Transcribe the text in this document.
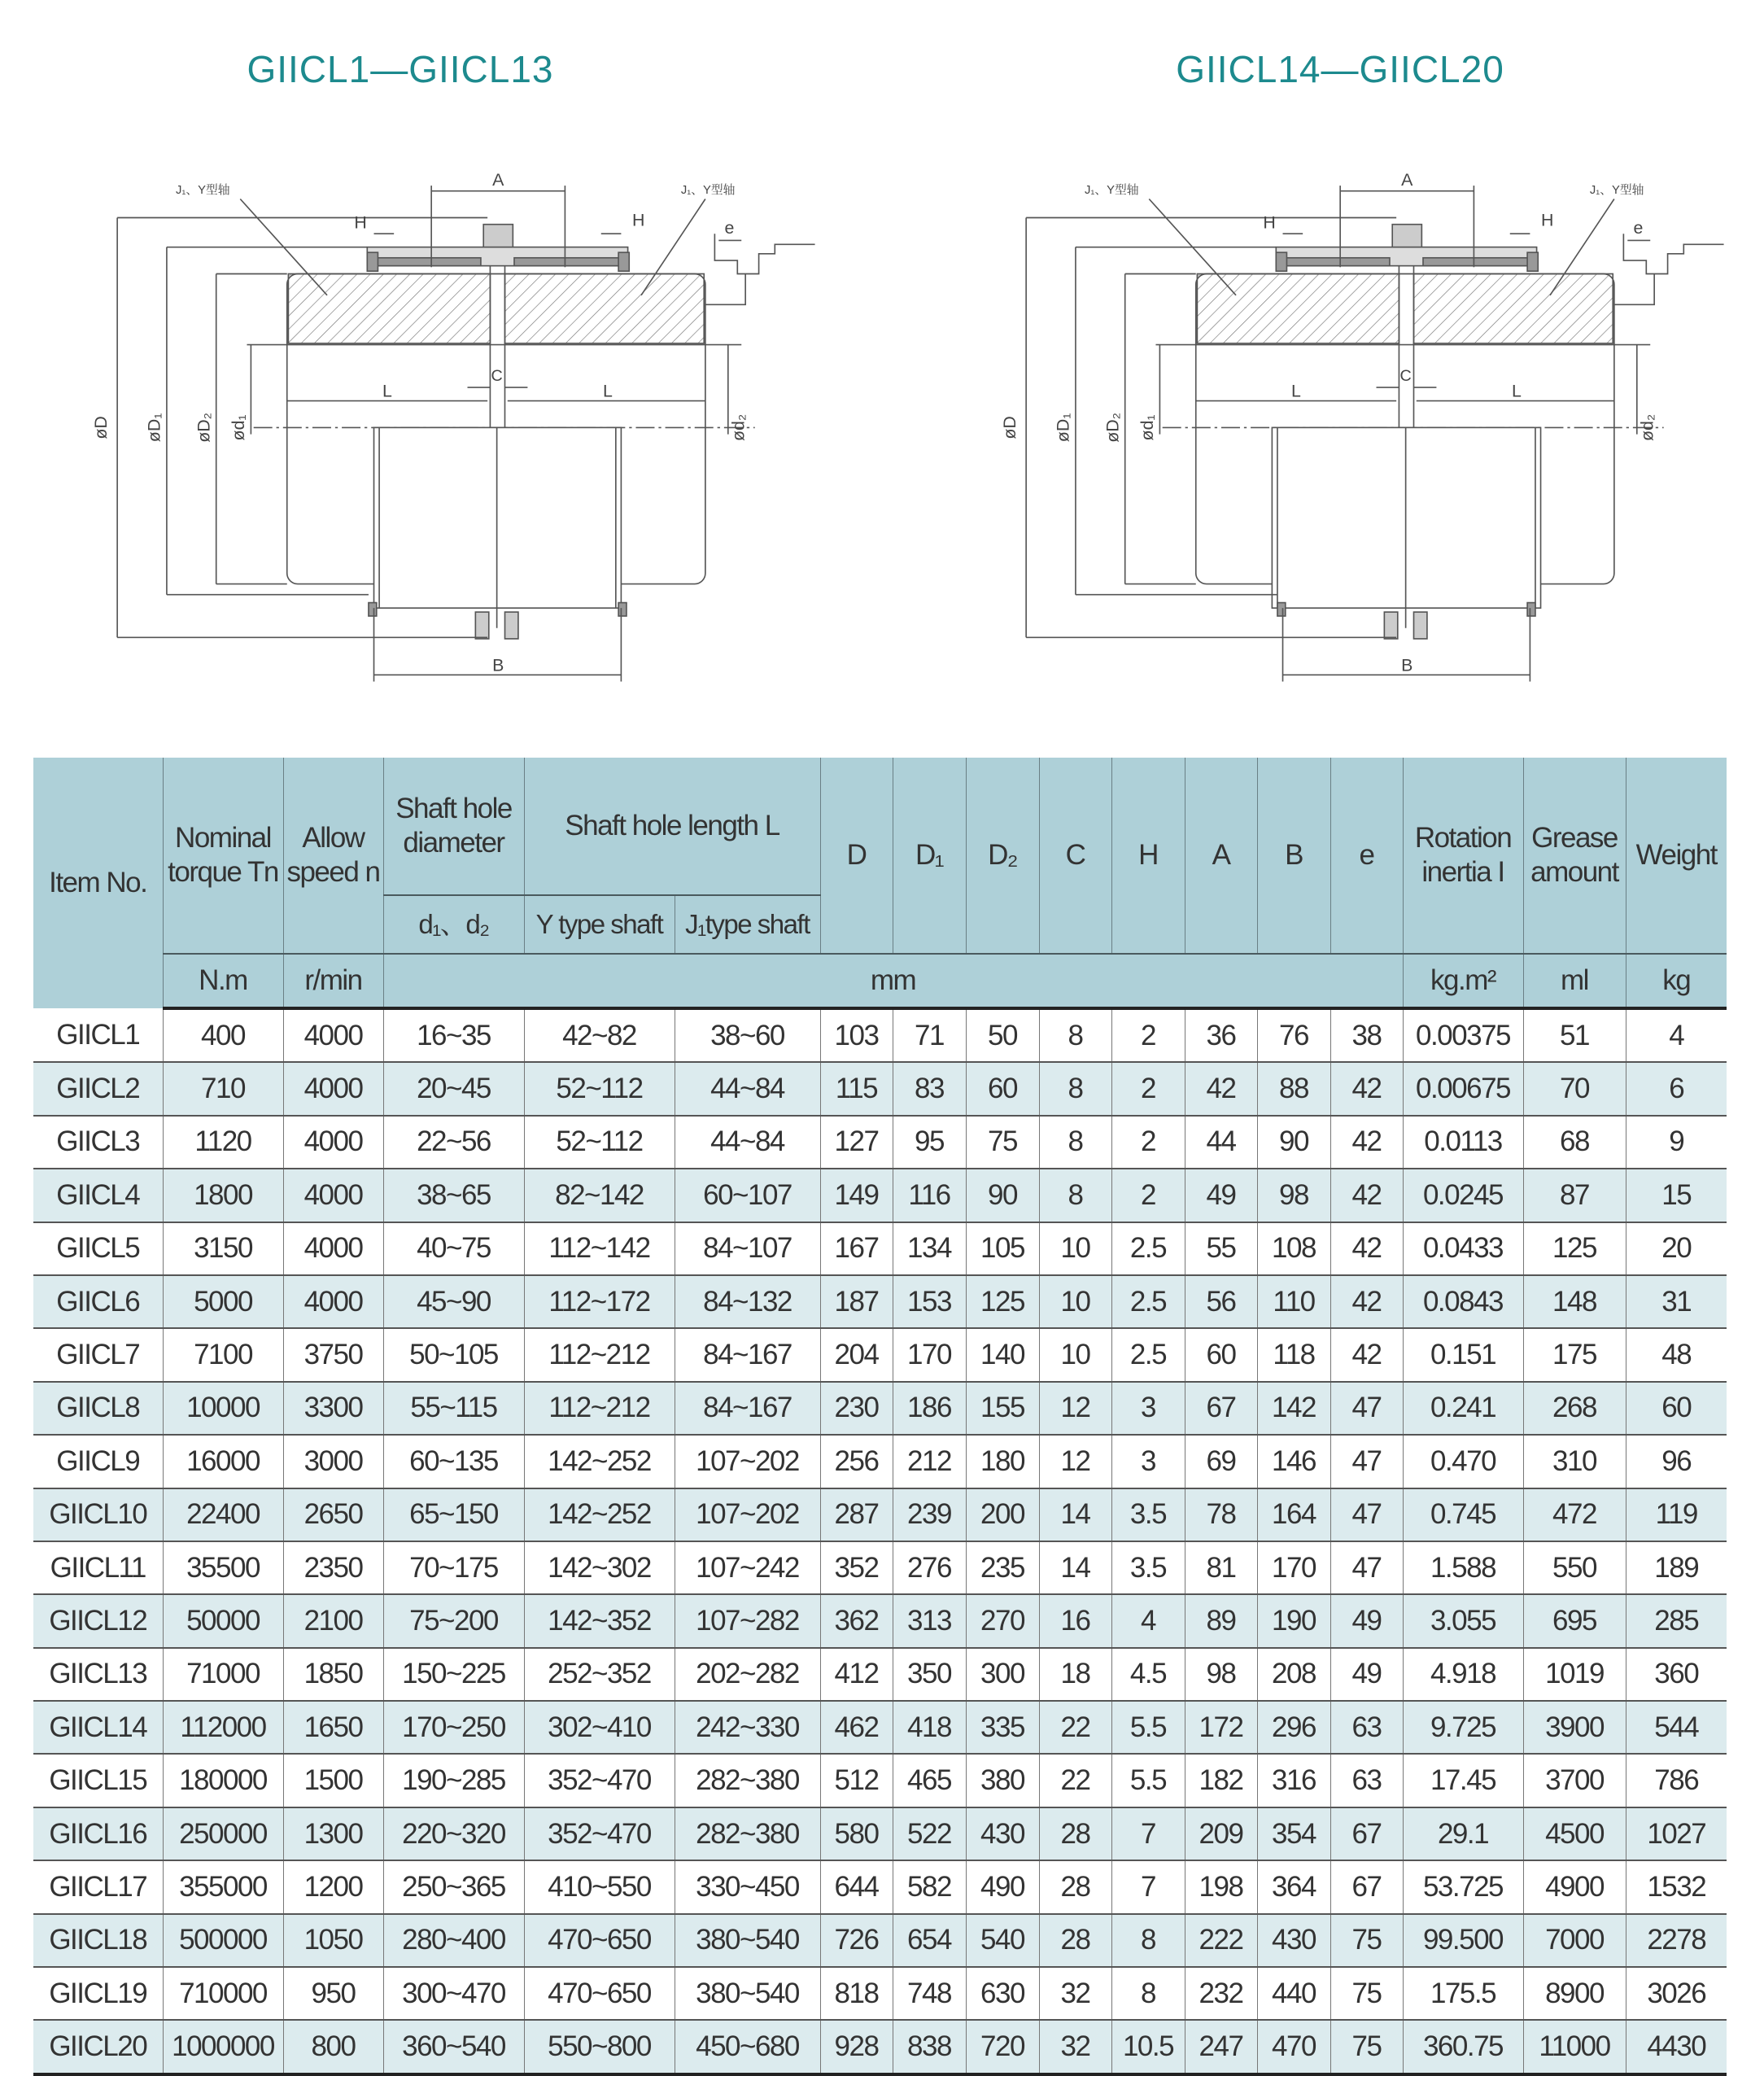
GIICL1—GIICL13	GIICL14—GIICL20
J₁、Y型轴	J₁、Y型轴
A
H	H	e
C
L	L
B
øD	øD₁	øD₂ ød₁	ød₂
J₁、Y型轴	J₁、Y型轴
A
H	H	e
C
L	L
B
øD	øD₁	øD₂ ød₁	ød₂
Item No.	Nominal torque Tn	Allow speed n	Shaft hole diameter	Shaft hole length L		D	D₁	D₂	C	H	A	B	e	Rotation inertia I	Grease amount	Weight
			d₁、d₂	Y type shaft	J₁type shaft											
	N.m	r/min	mm											kg.m²	ml	kg
GIICL1	400	4000	16~35	42~82	38~60	103	71	50	8	2	36	76	38	0.00375	51	4
GIICL2	710	4000	20~45	52~112	44~84	115	83	60	8	2	42	88	42	0.00675	70	6
GIICL3	1120	4000	22~56	52~112	44~84	127	95	75	8	2	44	90	42	0.0113	68	9
GIICL4	1800	4000	38~65	82~142	60~107	149	116	90	8	2	49	98	42	0.0245	87	15
GIICL5	3150	4000	40~75	112~142	84~107	167	134	105	10	2.5	55	108	42	0.0433	125	20
GIICL6	5000	4000	45~90	112~172	84~132	187	153	125	10	2.5	56	110	42	0.0843	148	31
GIICL7	7100	3750	50~105	112~212	84~167	204	170	140	10	2.5	60	118	42	0.151	175	48
GIICL8	10000	3300	55~115	112~212	84~167	230	186	155	12	3	67	142	47	0.241	268	60
GIICL9	16000	3000	60~135	142~252	107~202	256	212	180	12	3	69	146	47	0.470	310	96
GIICL10	22400	2650	65~150	142~252	107~202	287	239	200	14	3.5	78	164	47	0.745	472	119
GIICL11	35500	2350	70~175	142~302	107~242	352	276	235	14	3.5	81	170	47	1.588	550	189
GIICL12	50000	2100	75~200	142~352	107~282	362	313	270	16	4	89	190	49	3.055	695	285
GIICL13	71000	1850	150~225	252~352	202~282	412	350	300	18	4.5	98	208	49	4.918	1019	360
GIICL14	112000	1650	170~250	302~410	242~330	462	418	335	22	5.5	172	296	63	9.725	3900	544
GIICL15	180000	1500	190~285	352~470	282~380	512	465	380	22	5.5	182	316	63	17.45	3700	786
GIICL16	250000	1300	220~320	352~470	282~380	580	522	430	28	7	209	354	67	29.1	4500	1027
GIICL17	355000	1200	250~365	410~550	330~450	644	582	490	28	7	198	364	67	53.725	4900	1532
GIICL18	500000	1050	280~400	470~650	380~540	726	654	540	28	8	222	430	75	99.500	7000	2278
GIICL19	710000	950	300~470	470~650	380~540	818	748	630	32	8	232	440	75	175.5	8900	3026
GIICL20	1000000	800	360~540	550~800	450~680	928	838	720	32	10.5	247	470	75	360.75	11000	4430
